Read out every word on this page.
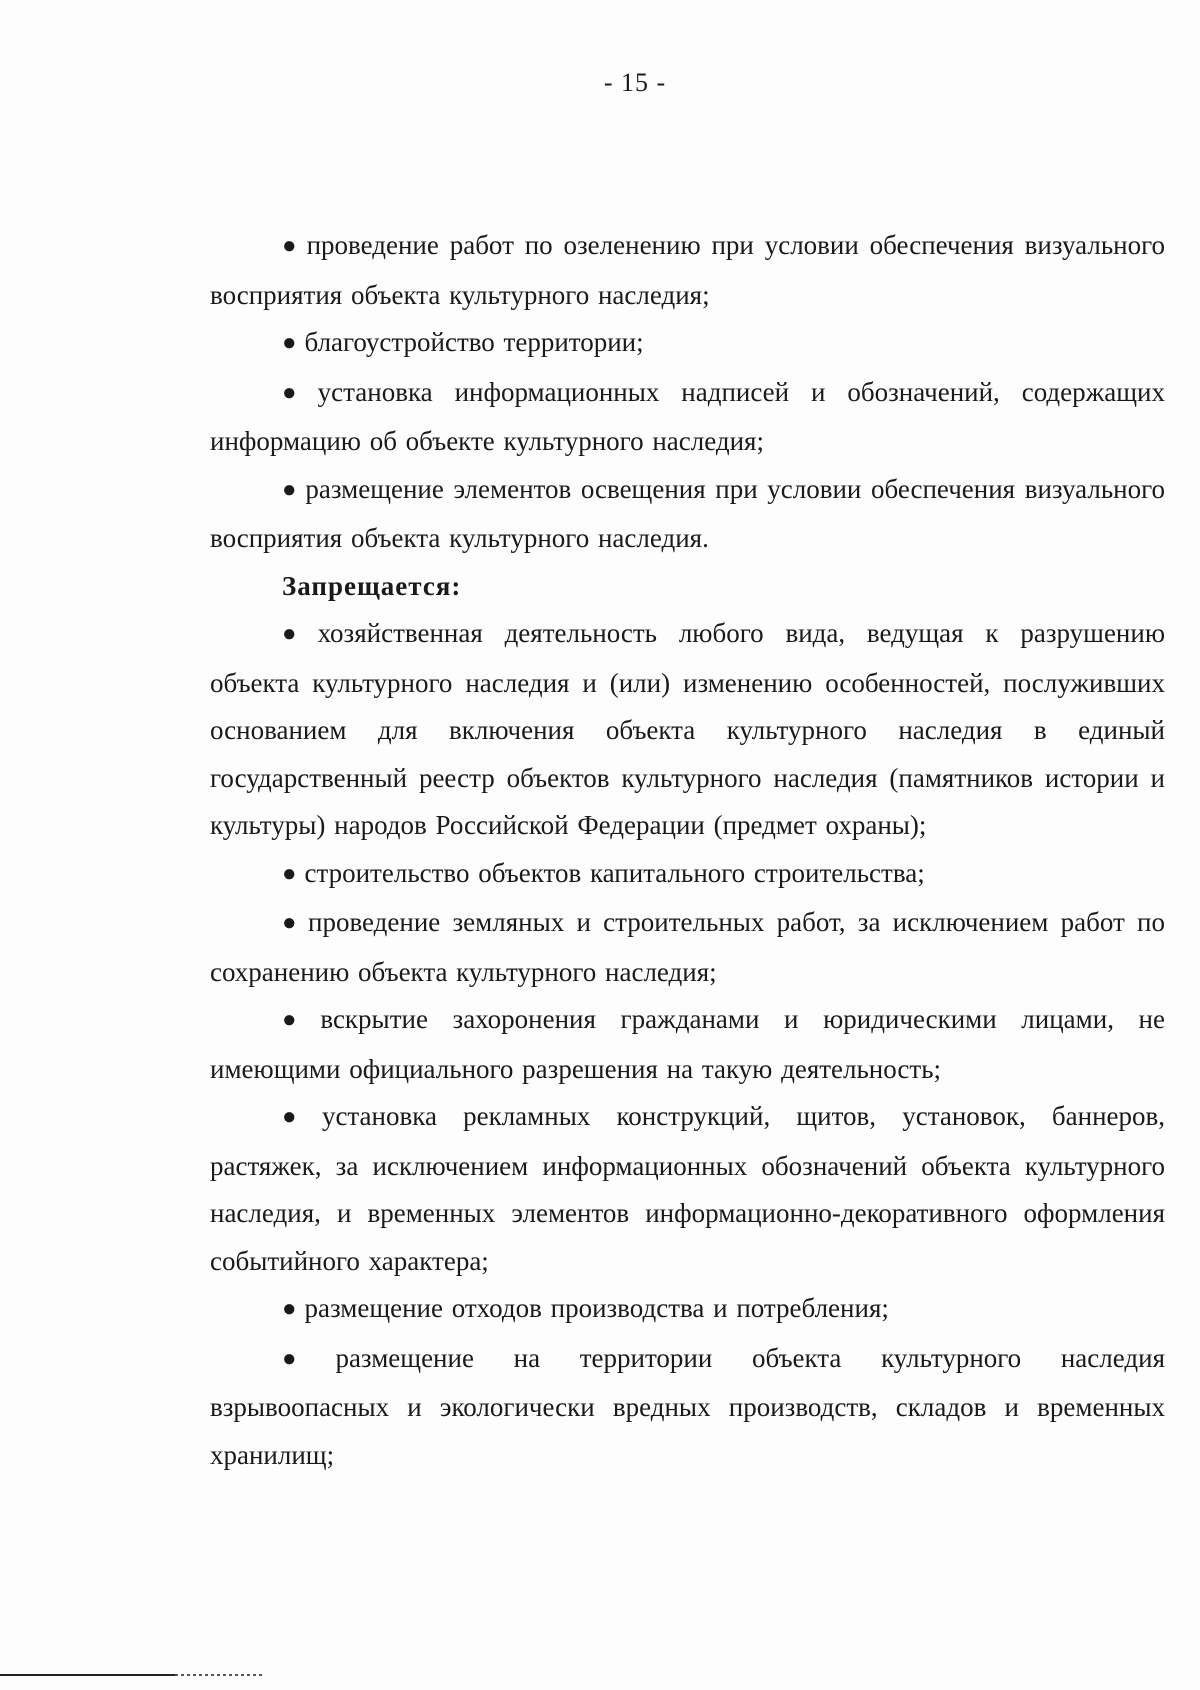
- 15 -

● проведение работ по озеленению при условии обеспечения визуального восприятия объекта культурного наследия;

● благоустройство территории;

● установка информационных надписей и обозначений, содержащих информацию об объекте культурного наследия;

● размещение элементов освещения при условии обеспечения визуального восприятия объекта культурного наследия.

Запрещается:

● хозяйственная деятельность любого вида, ведущая к разрушению объекта культурного наследия и (или) изменению особенностей, послуживших основанием для включения объекта культурного наследия в единый государственный реестр объектов культурного наследия (памятников истории и культуры) народов Российской Федерации (предмет охраны);

● строительство объектов капитального строительства;

● проведение земляных и строительных работ, за исключением работ по сохранению объекта культурного наследия;

● вскрытие захоронения гражданами и юридическими лицами, не имеющими официального разрешения на такую деятельность;

● установка рекламных конструкций, щитов, установок, баннеров, растяжек, за исключением информационных обозначений объекта культурного наследия, и временных элементов информационно-декоративного оформления событийного характера;

● размещение отходов производства и потребления;

● размещение на территории объекта культурного наследия взрывоопасных и экологически вредных производств, складов и временных хранилищ;
